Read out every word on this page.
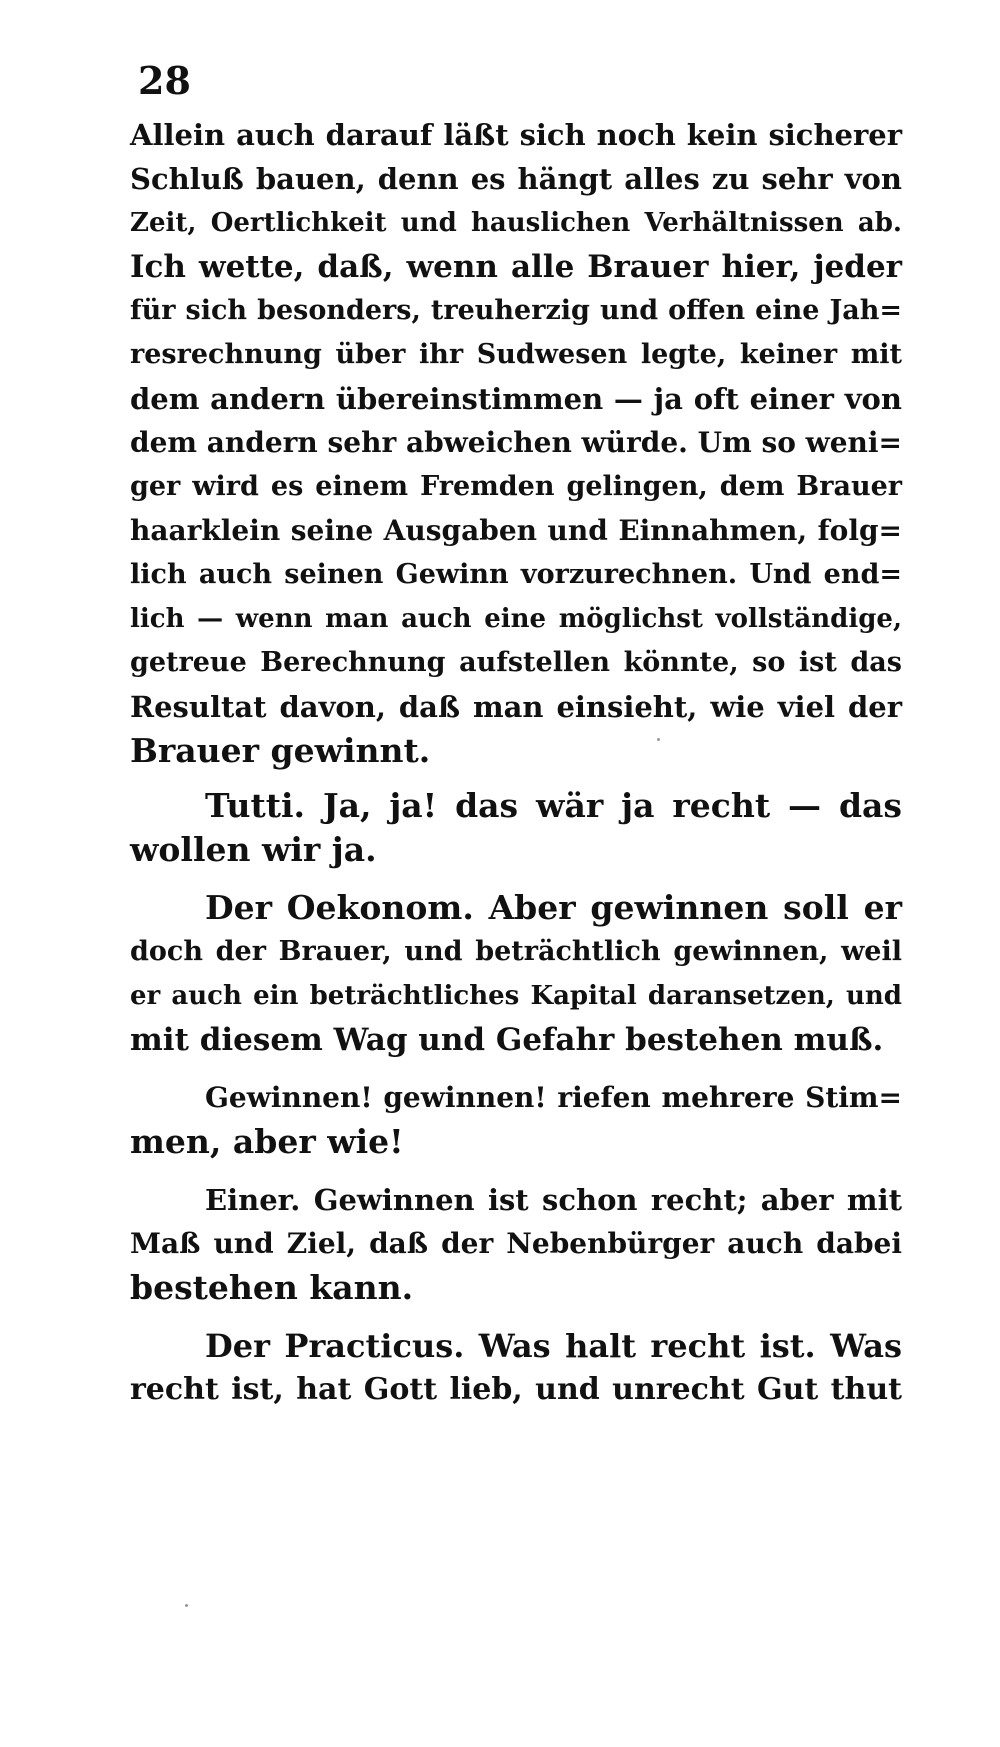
28
Allein auch darauf läßt sich noch kein sicherer
Schluß bauen, denn es hängt alles zu sehr von
Zeit, Oertlichkeit und hauslichen Verhältnissen ab.
Ich wette, daß, wenn alle Brauer hier, jeder
für sich besonders, treuherzig und offen eine Jah=
resrechnung über ihr Sudwesen legte, keiner mit
dem andern übereinstimmen — ja oft einer von
dem andern sehr abweichen würde. Um so weni=
ger wird es einem Fremden gelingen, dem Brauer
haarklein seine Ausgaben und Einnahmen, folg=
lich auch seinen Gewinn vorzurechnen. Und end=
lich — wenn man auch eine möglichst vollständige,
getreue Berechnung aufstellen könnte, so ist das
Resultat davon, daß man einsieht, wie viel der
Brauer gewinnt.
Tutti. Ja, ja! das wär ja recht — das
wollen wir ja.
Der Oekonom. Aber gewinnen soll er
doch der Brauer, und beträchtlich gewinnen, weil
er auch ein beträchtliches Kapital daransetzen, und
mit diesem Wag und Gefahr bestehen muß.
Gewinnen! gewinnen! riefen mehrere Stim=
men, aber wie!
Einer. Gewinnen ist schon recht; aber mit
Maß und Ziel, daß der Nebenbürger auch dabei
bestehen kann.
Der Practicus. Was halt recht ist. Was
recht ist, hat Gott lieb, und unrecht Gut thut
